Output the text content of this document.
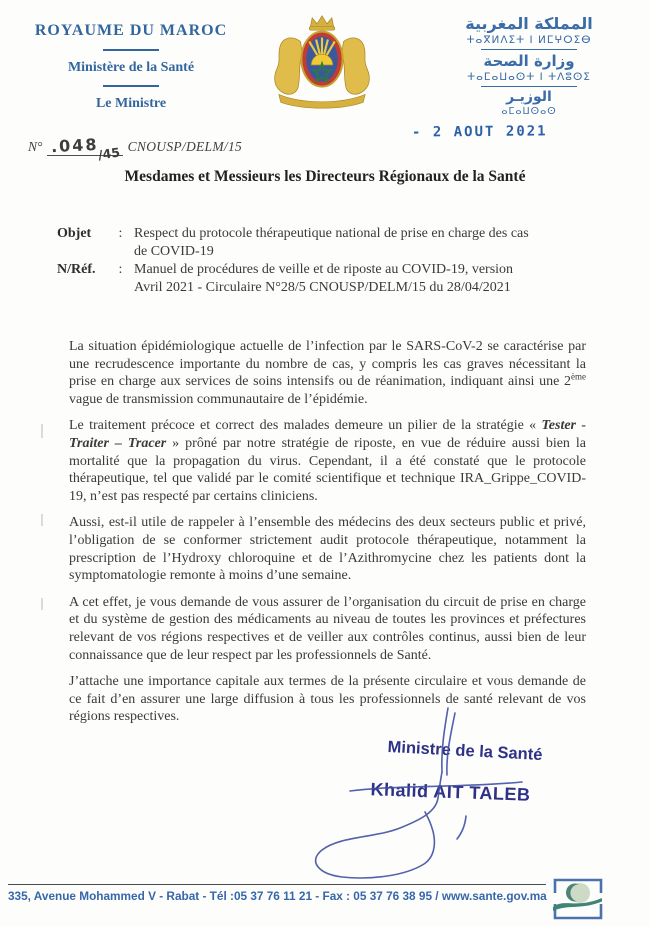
ROYAUME DU MAROC
Ministère de la Santé
Le Ministre
المملكة المغربية
ⵜⴰⴳⵍⴷⵉⵜ ⵏ ⵍⵎⵖⵔⵉⴱ
وزارة الصحة
ⵜⴰⵎⴰⵡⴰⵙⵜ ⵏ ⵜⴷⵓⵙⵉ
الوزيـر
ⴰⵎⴰⵡⵙⴰⵙ
- 2 AOUT 2021
N° .048/45 CNOUSP/DELM/15
Mesdames et Messieurs les Directeurs Régionaux de la Santé
Objet	: Respect du protocole thérapeutique national de prise en charge des cas de COVID-19
N/Réf.	: Manuel de procédures de veille et de riposte au COVID-19, version Avril 2021 - Circulaire N°28/5 CNOUSP/DELM/15 du 28/04/2021

La situation épidémiologique actuelle de l’infection par le SARS-CoV-2 se caractérise par une recrudescence importante du nombre de cas, y compris les cas graves nécessitant la prise en charge aux services de soins intensifs ou de réanimation, indiquant ainsi une 2ème vague de transmission communautaire de l’épidémie.

Le traitement précoce et correct des malades demeure un pilier de la stratégie « Tester - Traiter – Tracer » prôné par notre stratégie de riposte, en vue de réduire aussi bien la mortalité que la propagation du virus. Cependant, il a été constaté que le protocole thérapeutique, tel que validé par le comité scientifique et technique IRA_Grippe_COVID-19, n’est pas respecté par certains cliniciens.

Aussi, est-il utile de rappeler à l’ensemble des médecins des deux secteurs public et privé, l’obligation de se conformer strictement audit protocole thérapeutique, notamment la prescription de l’Hydroxy chloroquine et de l’Azithromycine chez les patients dont la symptomatologie remonte à moins d’une semaine.

A cet effet, je vous demande de vous assurer de l’organisation du circuit de prise en charge et du système de gestion des médicaments au niveau de toutes les provinces et préfectures relevant de vos régions respectives et de veiller aux contrôles continus, aussi bien de leur connaissance que de leur respect par les professionnels de Santé.

J’attache une importance capitale aux termes de la présente circulaire et vous demande de ce fait d’en assurer une large diffusion à tous les professionnels de santé relevant de vos régions respectives.

Ministre de la Santé
Khalid AIT TALEB
335, Avenue Mohammed V - Rabat - Tél :05 37 76 11 21 - Fax : 05 37 76 38 95 / www.sante.gov.ma
